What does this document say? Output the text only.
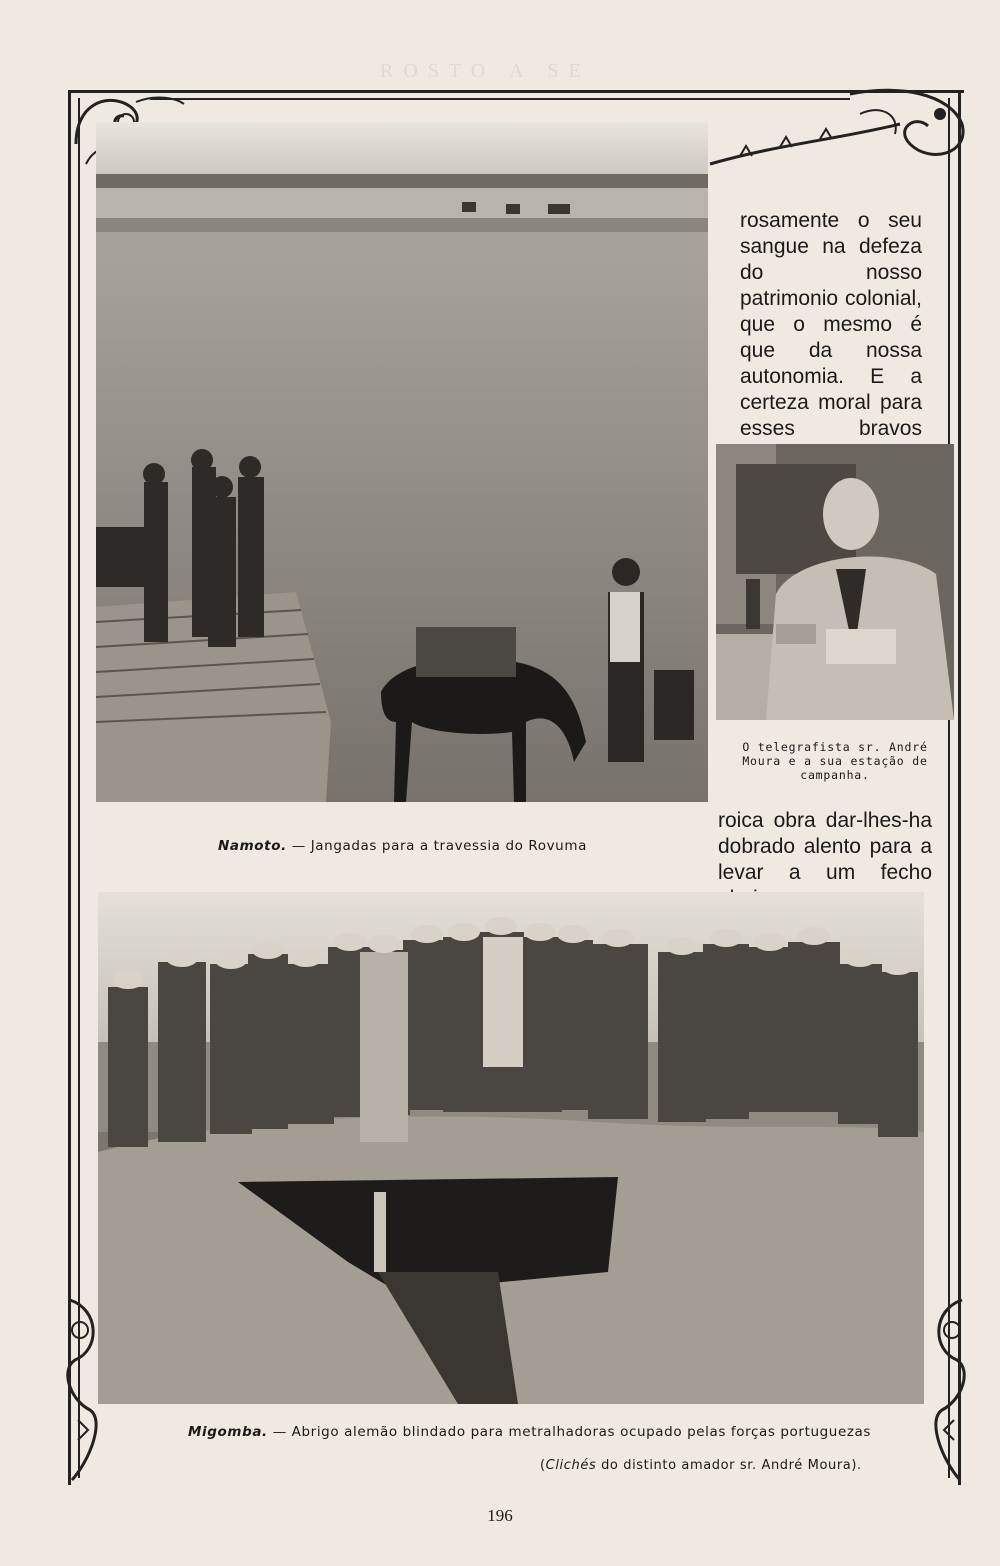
ROSTO A SE
rosamente o seu sangue na defeza do nosso patrimonio colonial, que o mesmo é que da nossa autonomia. E a certeza moral para esses bravos
O telegrafista sr. André Moura e a sua estação de campanha.
Namoto. — Jangadas para a travessia do Rovuma
roica obra dar-lhes-ha dobrado alento para a levar a um fecho
Migomba. — Abrigo alemão blindado para metralhadoras ocupado pelas forças portuguezas
(Clichés do distinto amador sr. André Moura).
196
